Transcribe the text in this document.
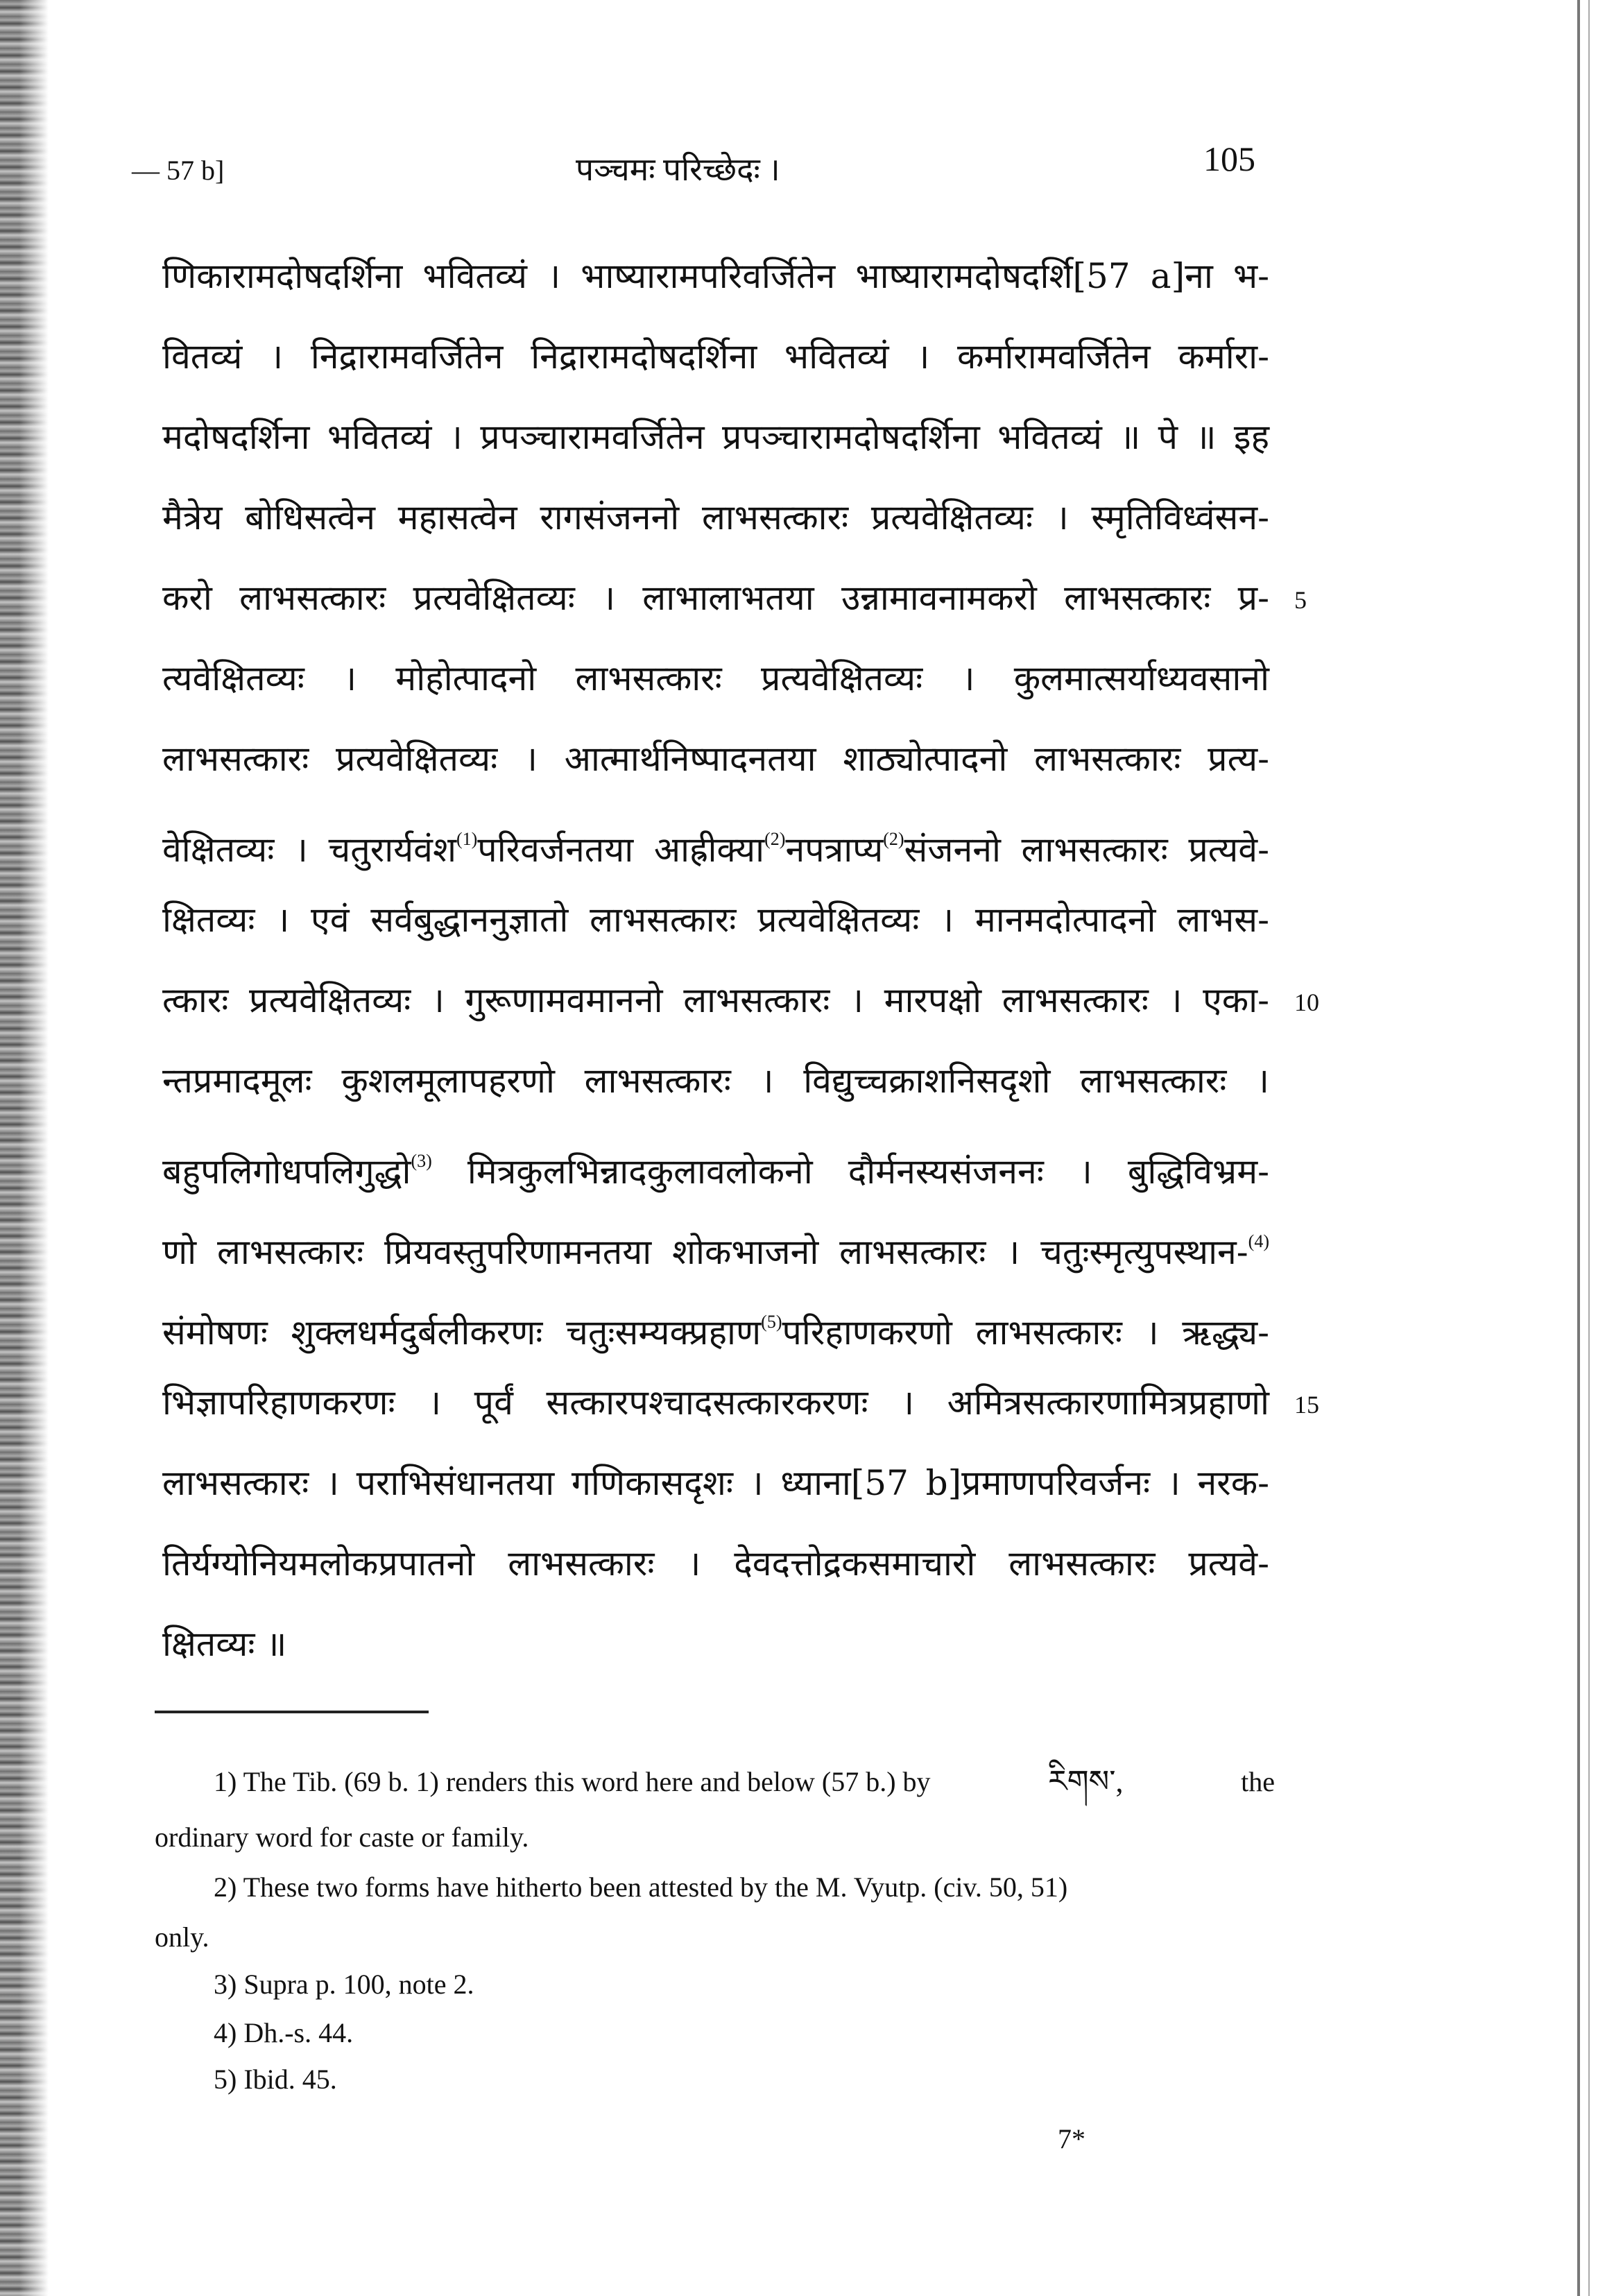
— 57 b]	पञ्चमः परिच्छेदः ।	105
णिकारामदोषदर्शिना भवितव्यं । भाष्यारामपरिवर्जितेन भाष्यारामदोषदर्शि[57 a]ना भ-
वितव्यं । निद्रारामवर्जितेन निद्रारामदोषदर्शिना भवितव्यं । कर्मारामवर्जितेन कर्मारा-
मदोषदर्शिना भवितव्यं । प्रपञ्चारामवर्जितेन प्रपञ्चारामदोषदर्शिना भवितव्यं ॥ पे ॥ इह
मैत्रेय बोधिसत्वेन महासत्वेन रागसंजननो लाभसत्कारः प्रत्यवेक्षितव्यः । स्मृतिविध्वंसन-
करो लाभसत्कारः प्रत्यवेक्षितव्यः । लाभालाभतया उन्नामावनामकरो लाभसत्कारः प्र- 5
त्यवेक्षितव्यः । मोहोत्पादनो लाभसत्कारः प्रत्यवेक्षितव्यः । कुलमात्सर्याध्यवसानो
लाभसत्कारः प्रत्यवेक्षितव्यः । आत्मार्थनिष्पादनतया शाठ्योत्पादनो लाभसत्कारः प्रत्य-
वेक्षितव्यः । चतुरार्यवंश$^{(1)}$परिवर्जनतया आह्रीक्या$^{(2)}$नपत्राप्य$^{(2)}$संजननो लाभसत्कारः प्रत्यवे-
क्षितव्यः । एवं सर्वबुद्धाननुज्ञातो लाभसत्कारः प्रत्यवेक्षितव्यः । मानमदोत्पादनो लाभस-
त्कारः प्रत्यवेक्षितव्यः । गुरूणामवमाननो लाभसत्कारः । मारपक्षो लाभसत्कारः । एका- 10
न्तप्रमादमूलः कुशलमूलापहरणो लाभसत्कारः । विद्युच्चक्राशनिसदृशो लाभसत्कारः ।
बहुपलिगोधपलिगुद्धो$^{(3)}$ मित्रकुलभिन्नादकुलावलोकनो दौर्मनस्यसंजननः । बुद्धिविभ्रम-
णो लाभसत्कारः प्रियवस्तुपरिणामनतया शोकभाजनो लाभसत्कारः । चतुःस्मृत्युपस्थान-$^{(4)}$
संमोषणः शुक्लधर्मदुर्बलीकरणः चतुःसम्यक्प्रहाण$^{(5)}$परिहाणकरणो लाभसत्कारः । ऋद्ध्य-
भिज्ञापरिहाणकरणः । पूर्वं सत्कारपश्चादसत्कारकरणः । अमित्रसत्कारणामित्रप्रहाणो 15
लाभसत्कारः । पराभिसंधानतया गणिकासदृशः । ध्याना[57 b]प्रमाणपरिवर्जनः । नरक-
तिर्यग्योनियमलोकप्रपातनो लाभसत्कारः । देवदत्तोद्रकसमाचारो लाभसत्कारः प्रत्यवे-
क्षितव्यः ॥
1) The Tib. (69 b. 1) renders this word here and below (57 b.) by	རིགས་,	the
ordinary word for caste or family.
2) These two forms have hitherto been attested by the M. Vyutp. (civ. 50, 51)
only.
3) Supra p. 100, note 2.
4) Dh.-s. 44.
5) Ibid. 45.
7*
